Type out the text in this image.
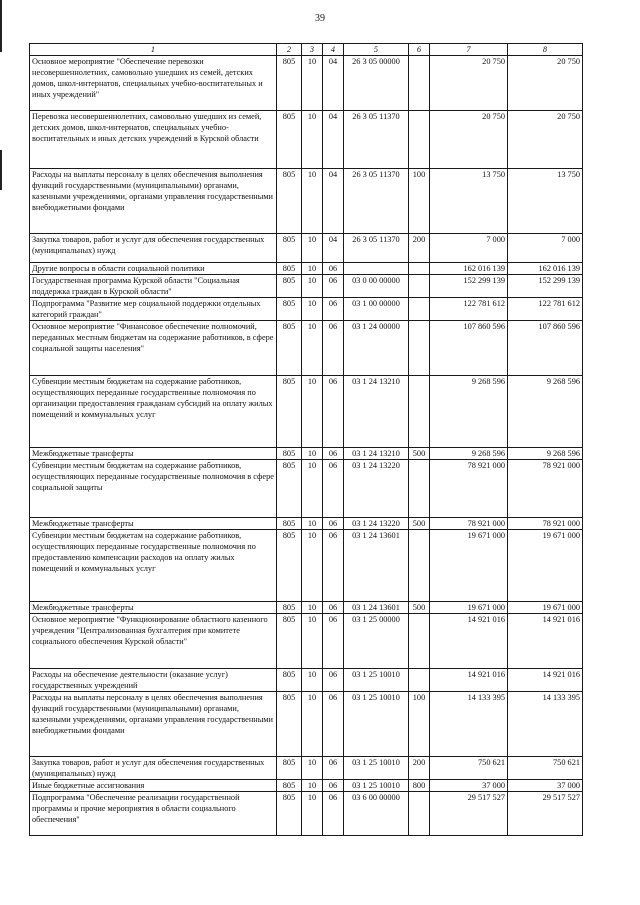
39
1	2	3	4	5	6	7	8
Основное мероприятие "Обеспечение перевозки несовершеннолетних, самовольно ушедших из семей, детских домов, школ-интернатов, специальных учебно-воспитательных и иных учреждений"	805	10	04	26 3 05 00000		20 750	20 750
Перевозка несовершеннолетних, самовольно ушедших из семей, детских домов, школ-интернатов, специальных учебно-воспитательных и иных детских учреждений в Курской области	805	10	04	26 3 05 11370		20 750	20 750
Расходы на выплаты персоналу в целях обеспечения выполнения функций государственными (муниципальными) органами, казенными учреждениями, органами управления государственными внебюджетными фондами	805	10	04	26 3 05 11370	100	13 750	13 750
Закупка товаров, работ и услуг для обеспечения государственных (муниципальных) нужд	805	10	04	26 3 05 11370	200	7 000	7 000
Другие вопросы в области социальной политики	805	10	06			162 016 139	162 016 139
Государственная программа Курской области "Социальная поддержка граждан в Курской области"	805	10	06	03 0 00 00000		152 299 139	152 299 139
Подпрограмма "Развитие мер социальной поддержки отдельных категорий граждан"	805	10	06	03 1 00 00000		122 781 612	122 781 612
Основное мероприятие "Финансовое обеспечение полномочий, переданных местным бюджетам на содержание работников, в сфере социальной защиты населения"	805	10	06	03 1 24 00000		107 860 596	107 860 596
Субвенции местным бюджетам на содержание работников, осуществляющих переданные государственные полномочия по организации предоставления гражданам субсидий на оплату жилых помещений и коммунальных услуг	805	10	06	03 1 24 13210		9 268 596	9 268 596
Межбюджетные трансферты	805	10	06	03 1 24 13210	500	9 268 596	9 268 596
Субвенции местным бюджетам на содержание работников, осуществляющих переданные государственные полномочия в сфере социальной защиты	805	10	06	03 1 24 13220		78 921 000	78 921 000
Межбюджетные трансферты	805	10	06	03 1 24 13220	500	78 921 000	78 921 000
Субвенции местным бюджетам на содержание работников, осуществляющих переданные государственные полномочия по предоставлению компенсации расходов на оплату жилых помещений и коммунальных услуг	805	10	06	03 1 24 13601		19 671 000	19 671 000
Межбюджетные трансферты	805	10	06	03 1 24 13601	500	19 671 000	19 671 000
Основное мероприятие "Функционирование областного казенного учреждения "Централизованная бухгалтерия при комитете социального обеспечения Курской области"	805	10	06	03 1 25 00000		14 921 016	14 921 016
Расходы на обеспечение деятельности (оказание услуг) государственных учреждений	805	10	06	03 1 25 10010		14 921 016	14 921 016
Расходы на выплаты персоналу в целях обеспечения выполнения функций государственными (муниципальными) органами, казенными учреждениями, органами управления государственными внебюджетными фондами	805	10	06	03 1 25 10010	100	14 133 395	14 133 395
Закупка товаров, работ и услуг для обеспечения государственных (муниципальных) нужд	805	10	06	03 1 25 10010	200	750 621	750 621
Иные бюджетные ассигнования	805	10	06	03 1 25 10010	800	37 000	37 000
Подпрограмма "Обеспечение реализации государственной программы и прочие мероприятия в области социального обеспечения"	805	10	06	03 6 00 00000		29 517 527	29 517 527
